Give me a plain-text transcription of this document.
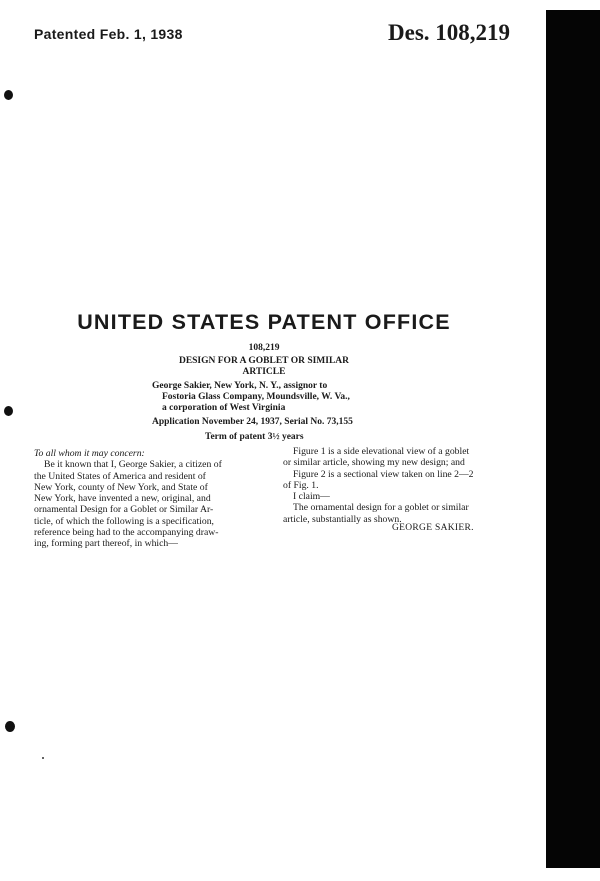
Patented Feb. 1, 1938	Des. 108,219
UNITED STATES PATENT OFFICE
108,219
DESIGN FOR A GOBLET OR SIMILAR
ARTICLE
George Sakier, New York, N. Y., assignor to
Fostoria Glass Company, Moundsville, W. Va.,
a corporation of West Virginia
Application November 24, 1937, Serial No. 73,155
Term of patent 3½ years
To all whom it may concern:
Be it known that I, George Sakier, a citizen of
the United States of America and resident of
New York, county of New York, and State of
New York, have invented a new, original, and
ornamental Design for a Goblet or Similar Ar-
ticle, of which the following is a specification,
reference being had to the accompanying draw-
ing, forming part thereof, in which—
Figure 1 is a side elevational view of a goblet
or similar article, showing my new design; and
Figure 2 is a sectional view taken on line 2—2
of Fig. 1.
I claim—
The ornamental design for a goblet or similar
article, substantially as shown.
GEORGE SAKIER.
